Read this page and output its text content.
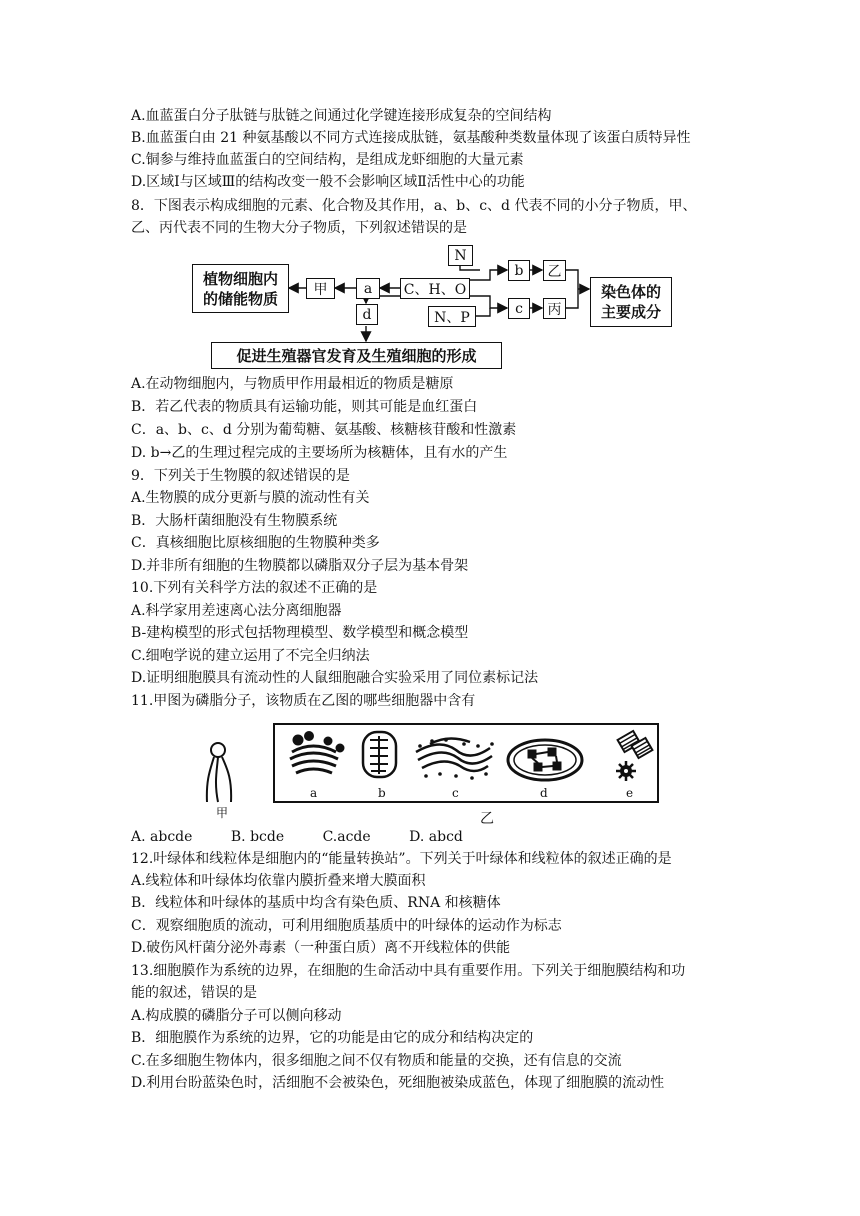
A.血蓝蛋白分子肽链与肽链之间通过化学键连接形成复杂的空间结构
B.血蓝蛋白由 21 种氨基酸以不同方式连接成肽链，氨基酸种类数量体现了该蛋白质特异性
C.铜参与维持血蓝蛋白的空间结构，是组成龙虾细胞的大量元素
D.区域Ⅰ与区域Ⅲ的结构改变一般不会影响区域Ⅱ活性中心的功能
8．下图表示构成细胞的元素、化合物及其作用，a、b、c、d 代表不同的小分子物质，甲、
乙、丙代表不同的生物大分子物质，下列叙述错误的是
植物细胞内
的储能物质	甲	a	C、H、O
N
N、P
d
b
c
乙
丙
染色体的
主要成分
促进生殖器官发育及生殖细胞的形成
A.在动物细胞内，与物质甲作用最相近的物质是糖原
B．若乙代表的物质具有运输功能，则其可能是血红蛋白
C．a、b、c、d 分别为葡萄糖、氨基酸、核糖核苷酸和性激素
D. b→乙的生理过程完成的主要场所为核糖体，且有水的产生
9．下列关于生物膜的叙述错误的是
A.生物膜的成分更新与膜的流动性有关
B．大肠杆菌细胞没有生物膜系统
C．真核细胞比原核细胞的生物膜种类多
D.并非所有细胞的生物膜都以磷脂双分子层为基本骨架
10.下列有关科学方法的叙述不正确的是
A.科学家用差速离心法分离细胞器
B-建构模型的形式包括物理模型、数学模型和概念模型
C.细咆学说的建立运用了不完全归纳法
D.证明细胞膜具有流动性的人鼠细胞融合实验采用了同位素标记法
11.甲图为磷脂分子，该物质在乙图的哪些细胞器中含有
甲	乙
a	b	c	d	e
A. abcde	B. bcde	C.acde	D. abcd
12.叶绿体和线粒体是细胞内的“能量转换站”。下列关于叶绿体和线粒体的叙述正确的是
A.线粒体和叶绿体均依靠内膜折叠来增大膜面积
B．线粒体和叶绿体的基质中均含有染色质、RNA 和核糖体
C．观察细胞质的流动，可利用细胞质基质中的叶绿体的运动作为标志
D.破伤风杆菌分泌外毒素（一种蛋白质）离不开线粒体的供能
13.细胞膜作为系统的边界，在细胞的生命活动中具有重要作用。下列关于细胞膜结构和功
能的叙述，错误的是
A.构成膜的磷脂分子可以侧向移动
B．细胞膜作为系统的边界，它的功能是由它的成分和结构决定的
C.在多细胞生物体内，很多细胞之间不仅有物质和能量的交换，还有信息的交流
D.利用台盼蓝染色时，活细胞不会被染色，死细胞被染成蓝色，体现了细胞膜的流动性
